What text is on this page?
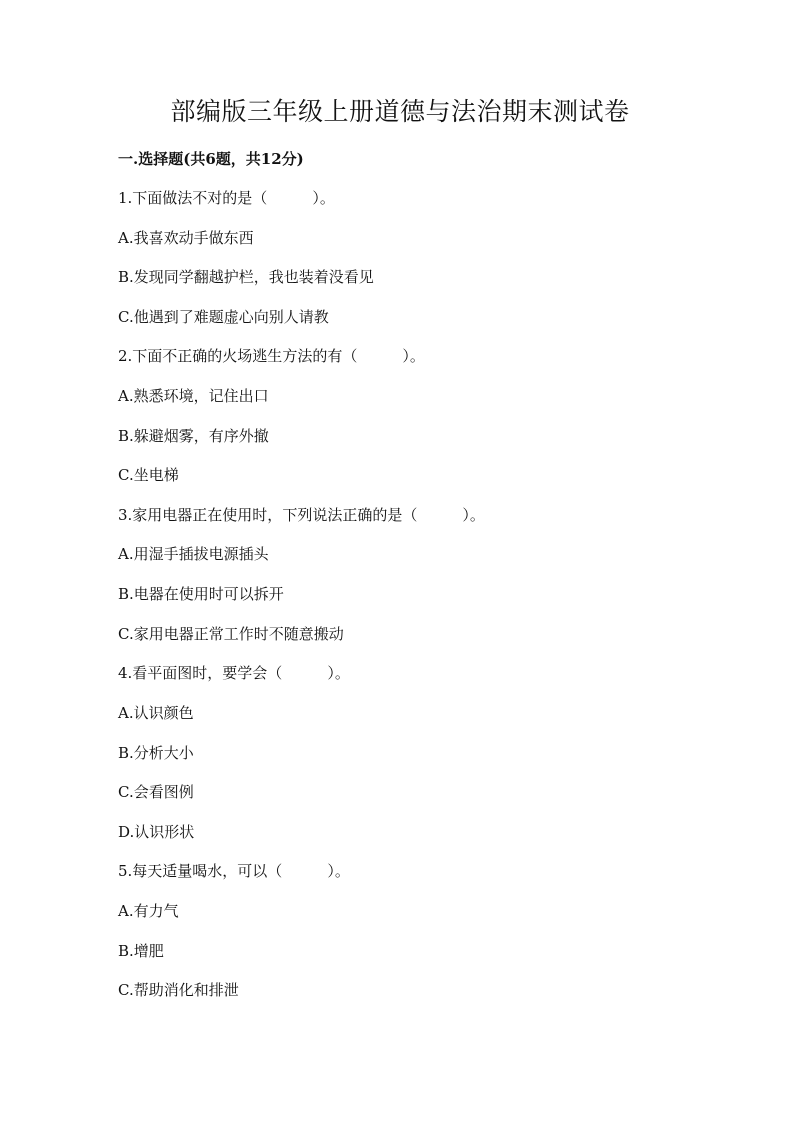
部编版三年级上册道德与法治期末测试卷
一.选择题(共6题，共12分)
1.下面做法不对的是（　　　）。
A.我喜欢动手做东西
B.发现同学翻越护栏，我也装着没看见
C.他遇到了难题虚心向别人请教
2.下面不正确的火场逃生方法的有（　　　）。
A.熟悉环境，记住出口
B.躲避烟雾，有序外撤
C.坐电梯
3.家用电器正在使用时，下列说法正确的是（　　　）。
A.用湿手插拔电源插头
B.电器在使用时可以拆开
C.家用电器正常工作时不随意搬动
4.看平面图时，要学会（　　　）。
A.认识颜色
B.分析大小
C.会看图例
D.认识形状
5.每天适量喝水，可以（　　　）。
A.有力气
B.增肥
C.帮助消化和排泄
